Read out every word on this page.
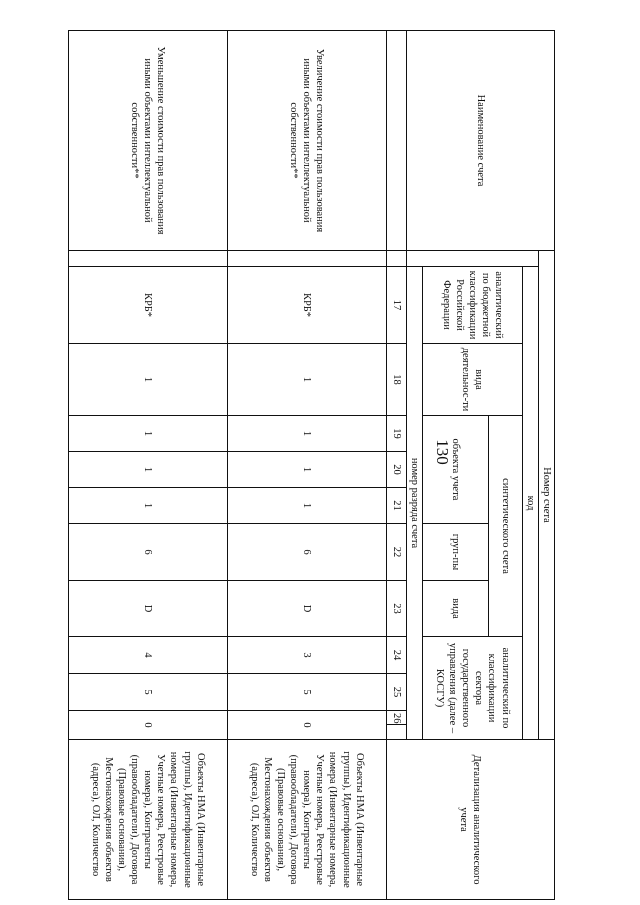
130
Наименование счета	Номер счета												Детализация аналитического учета
		код											
		аналитический по бюджетной классификации Российской Федерации	вида деятельнос-ти	синтетического счета					аналитический по классификации сектора государственного управления (далее – КОСГУ)				
				объекта учета			груп-пы	вида					
		номер разряда счета											
		17	18	19	20	21	22	23	24	25	26		
Увеличение стоимости прав пользования иными объектами интеллектуальной собственности**		КРБ*	1	1	1	1	6	D	3	5	0		Объекты НМА (Инвентарные группы), Идентификационные номера (Инвентарные номера, Учетные номера, Реестровые номера), Контрагенты (правообладатели), Договора (Правовые основания), Местонахождения объектов (адреса), ОЛ, Количество
Уменьшение стоимости прав пользования иными объектами интеллектуальной собственности**		КРБ*	1	1	1	1	6	D	4	5	0		Объекты НМА (Инвентарные группы), Идентификационные номера (Инвентарные номера, Учетные номера, Реестровые номера), Контрагенты (правообладатели), Договора (Правовые основания), Местонахождения объектов (адреса), ОЛ, Количество
